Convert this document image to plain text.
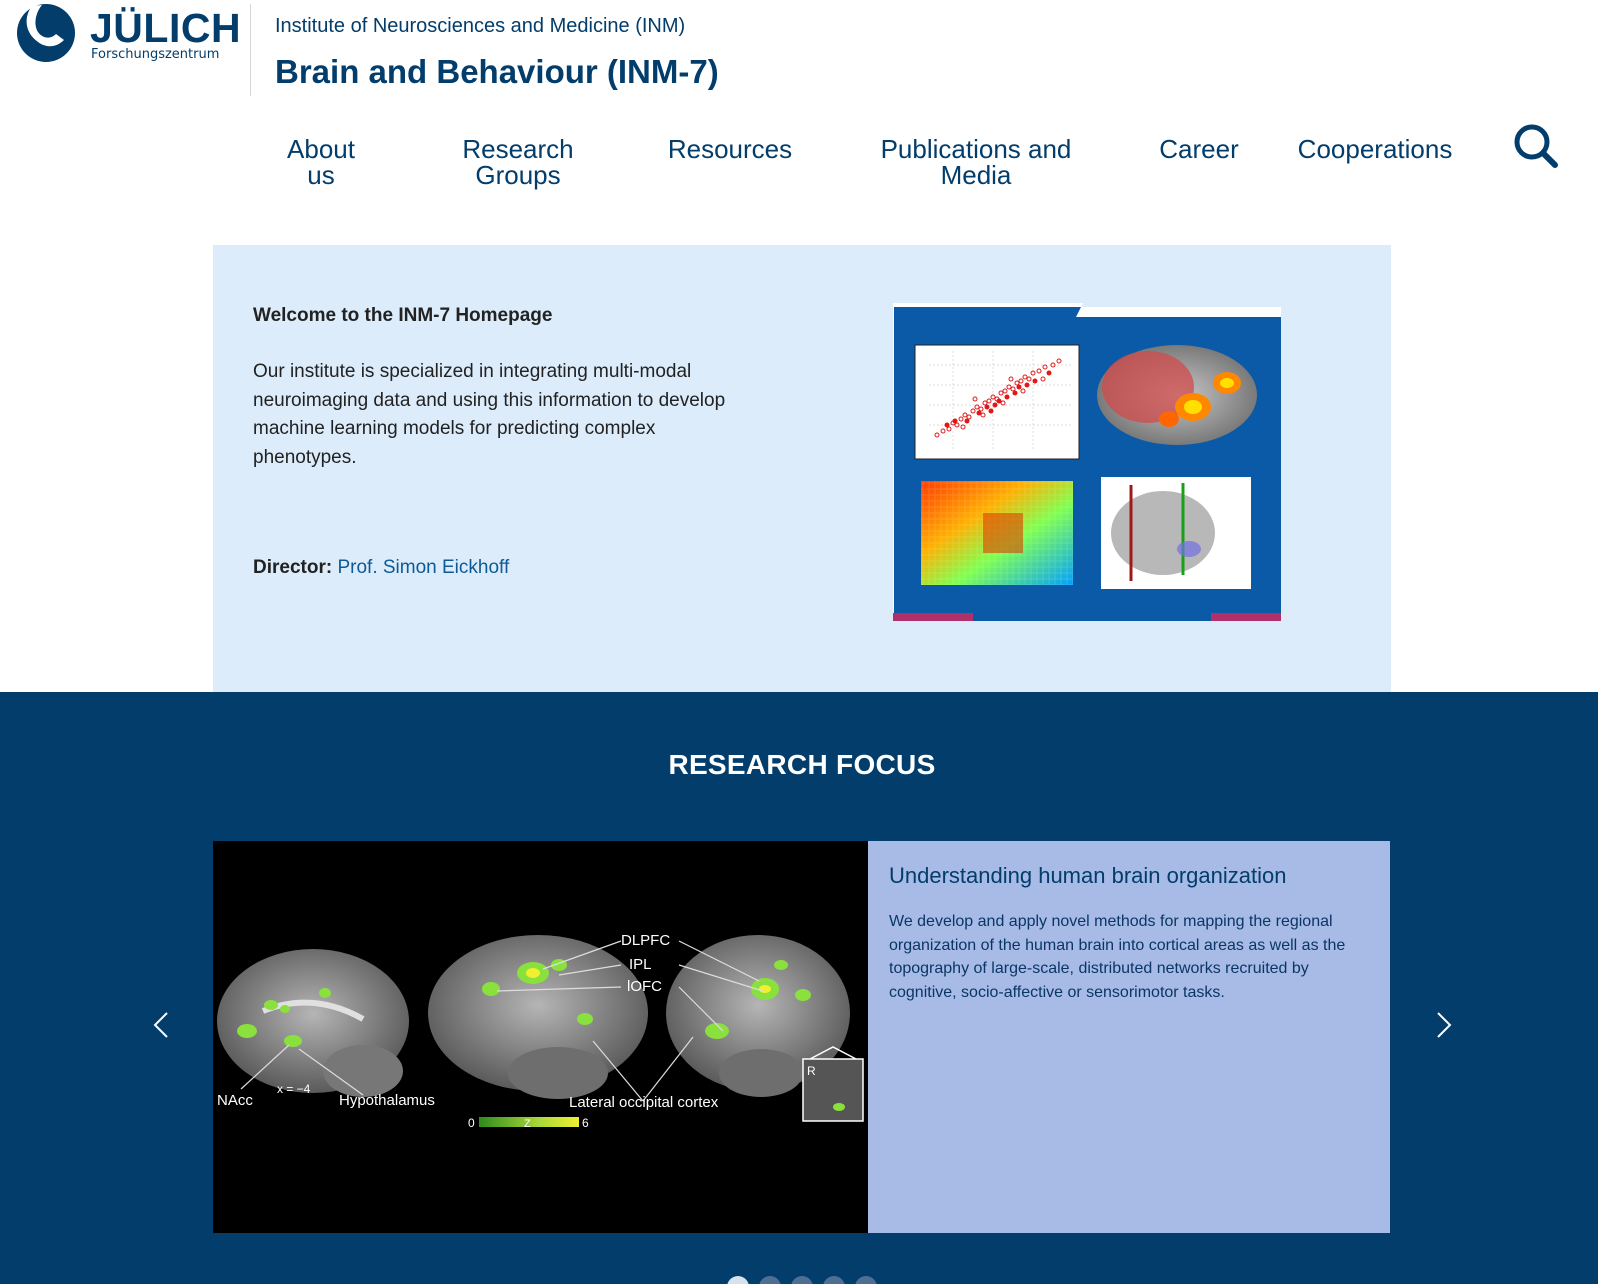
JÜLICH
Forschungszentrum
Institute of Neurosciences and Medicine (INM)
Brain and Behaviour (INM-7)
About us
Research Groups
Resources	Publications and Media
Career	Cooperations
Welcome to the INM-7 Homepage
Our institute is specialized in integrating multi-modal neuroimaging data and using this information to develop machine learning models for predicting complex phenotypes.
Director: Prof. Simon Eickhoff
RESEARCH FOCUS
DLPFC
IPL
lOFC
NAcc
x = −4
Hypothalamus	Lateral occipital cortex
R
0	Z	6
Understanding human brain organization
We develop and apply novel methods for mapping the regional organization of the human brain into cortical areas as well as the topography of large-scale, distributed networks recruited by cognitive, socio-affective or sensorimotor tasks.
